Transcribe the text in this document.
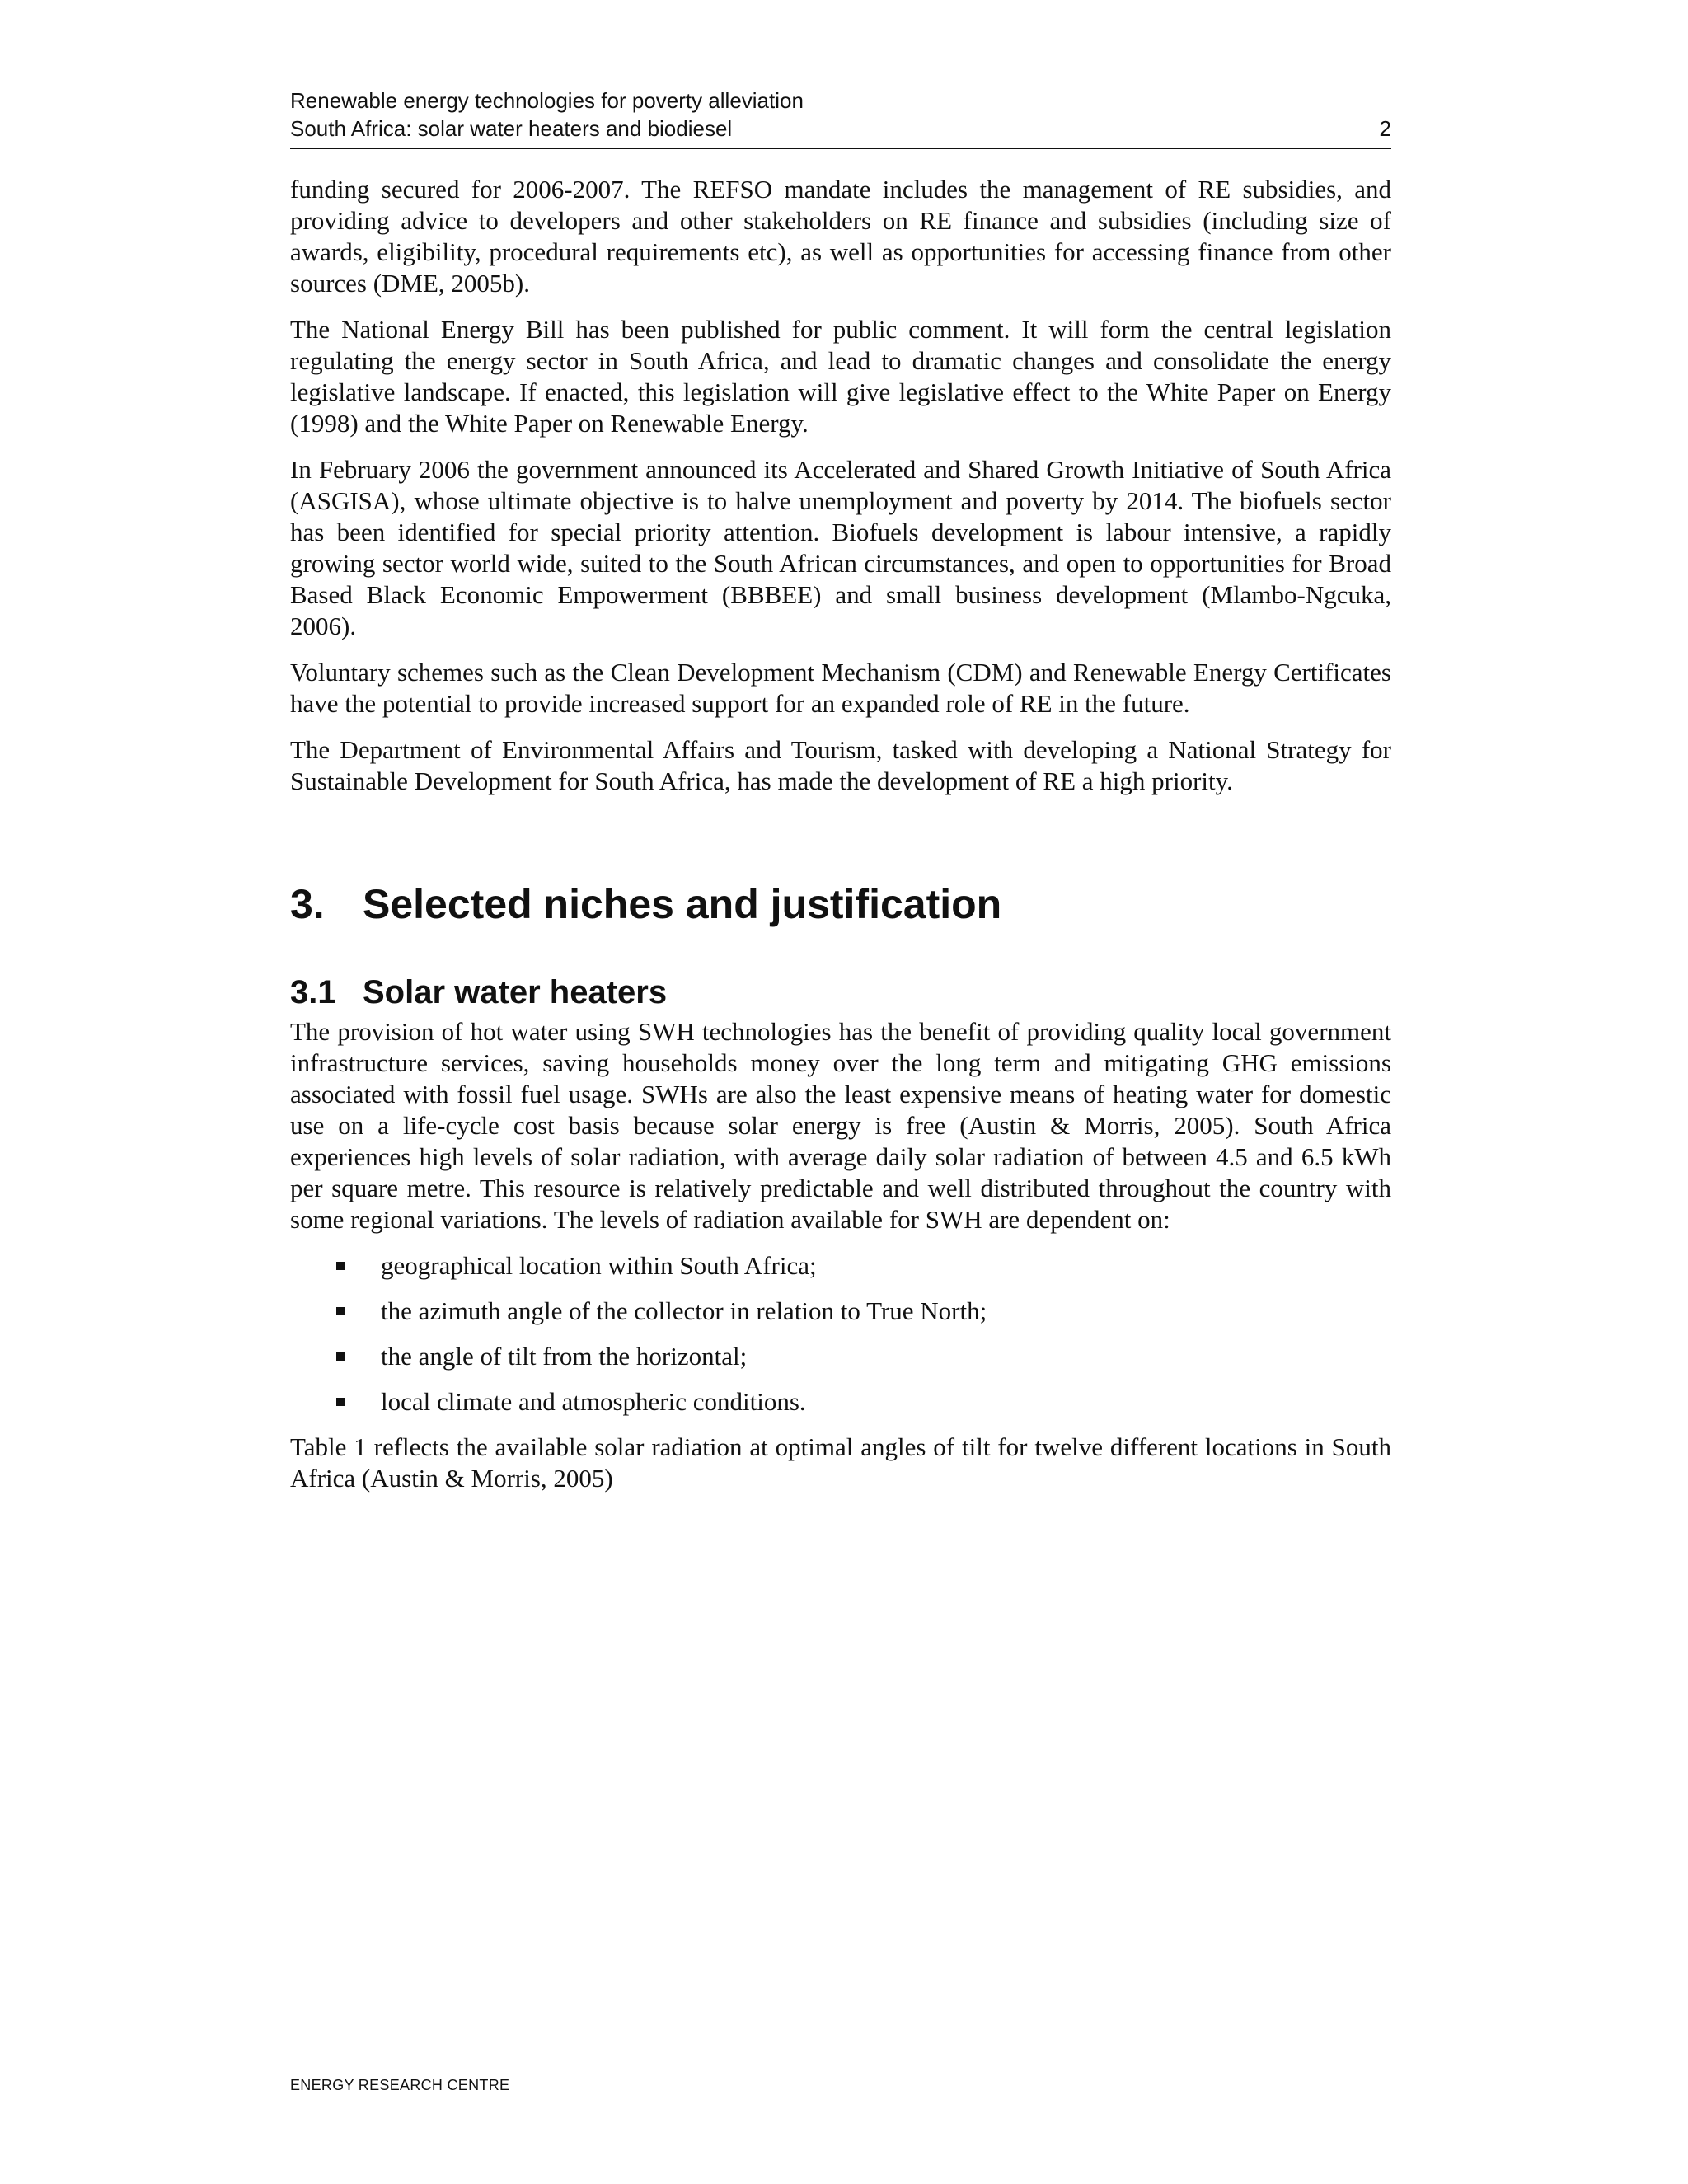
Renewable energy technologies for poverty alleviation
South Africa: solar water heaters and biodiesel	2

funding secured for 2006-2007. The REFSO mandate includes the management of RE subsidies, and providing advice to developers and other stakeholders on RE finance and subsidies (including size of awards, eligibility, procedural requirements etc), as well as opportunities for accessing finance from other sources (DME, 2005b).

The National Energy Bill has been published for public comment. It will form the central legislation regulating the energy sector in South Africa, and lead to dramatic changes and consolidate the energy legislative landscape. If enacted, this legislation will give legislative effect to the White Paper on Energy (1998) and the White Paper on Renewable Energy.

In February 2006 the government announced its Accelerated and Shared Growth Initiative of South Africa (ASGISA), whose ultimate objective is to halve unemployment and poverty by 2014. The biofuels sector has been identified for special priority attention. Biofuels development is labour intensive, a rapidly growing sector world wide, suited to the South African circumstances, and open to opportunities for Broad Based Black Economic Empowerment (BBBEE) and small business development (Mlambo-Ngcuka, 2006).

Voluntary schemes such as the Clean Development Mechanism (CDM) and Renewable Energy Certificates have the potential to provide increased support for an expanded role of RE in the future.

The Department of Environmental Affairs and Tourism, tasked with developing a National Strategy for Sustainable Development for South Africa, has made the development of RE a high priority.

3. Selected niches and justification
3.1 Solar water heaters

The provision of hot water using SWH technologies has the benefit of providing quality local government infrastructure services, saving households money over the long term and mitigating GHG emissions associated with fossil fuel usage. SWHs are also the least expensive means of heating water for domestic use on a life-cycle cost basis because solar energy is free (Austin & Morris, 2005). South Africa experiences high levels of solar radiation, with average daily solar radiation of between 4.5 and 6.5 kWh per square metre. This resource is relatively predictable and well distributed throughout the country with some regional variations. The levels of radiation available for SWH are dependent on:

geographical location within South Africa;
the azimuth angle of the collector in relation to True North;
the angle of tilt from the horizontal;
local climate and atmospheric conditions.

Table 1 reflects the available solar radiation at optimal angles of tilt for twelve different locations in South Africa (Austin & Morris, 2005)

ENERGY RESEARCH CENTRE
